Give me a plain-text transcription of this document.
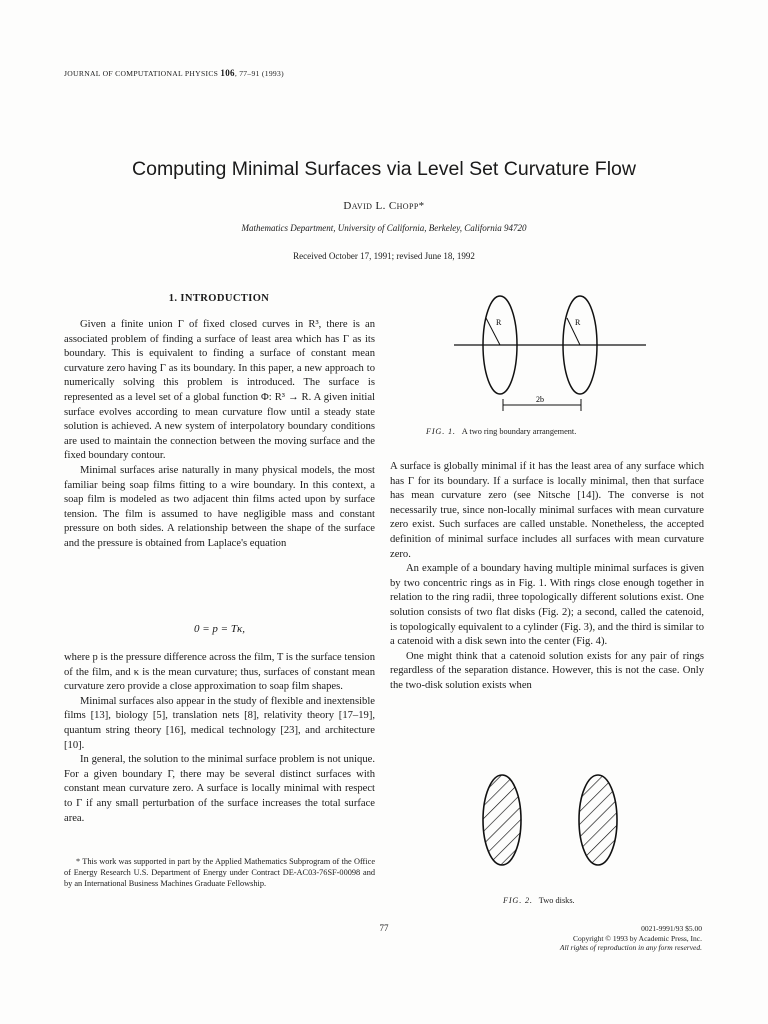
JOURNAL OF COMPUTATIONAL PHYSICS 106, 77–91 (1993)
Computing Minimal Surfaces via Level Set Curvature Flow
David L. Chopp*
Mathematics Department, University of California, Berkeley, California 94720
Received October 17, 1991; revised June 18, 1992
1. INTRODUCTION

Given a finite union Γ of fixed closed curves in R³, there is an associated problem of finding a surface of least area which has Γ as its boundary. This is equivalent to finding a surface of constant mean curvature zero having Γ as its boundary. In this paper, a new approach to numerically solving this problem is introduced. The surface is represented as a level set of a global function Φ: R³ → R. A given initial surface evolves according to mean curvature flow until a steady state solution is achieved. A new system of interpolatory boundary conditions are used to maintain the connection between the moving surface and the fixed boundary contour.

Minimal surfaces arise naturally in many physical models, the most familiar being soap films fitting to a wire boundary. In this context, a soap film is modeled as two adjacent thin films acted upon by surface tension. The film is assumed to have negligible mass and constant pressure on both sides. A relationship between the shape of the surface and the pressure is obtained from Laplace's equation

0 = p = Tκ,

where p is the pressure difference across the film, T is the surface tension of the film, and κ is the mean curvature; thus, surfaces of constant mean curvature zero provide a close approximation to soap film shapes.

Minimal surfaces also appear in the study of flexible and inextensible films [13], biology [5], translation nets [8], relativity theory [17–19], quantum string theory [16], medical technology [23], and architecture [10].

In general, the solution to the minimal surface problem is not unique. For a given boundary Γ, there may be several distinct surfaces with constant mean curvature zero. A surface is locally minimal with respect to Γ if any small perturbation of the surface increases the total surface area.

* This work was supported in part by the Applied Mathematics Subprogram of the Office of Energy Research U.S. Department of Energy under Contract DE-AC03-76SF-00098 and by an International Business Machines Graduate Fellowship.

R	R
2b
FIG. 1. A two ring boundary arrangement.

A surface is globally minimal if it has the least area of any surface which has Γ for its boundary. If a surface is locally minimal, then that surface has mean curvature zero (see Nitsche [14]). The converse is not necessarily true, since non-locally minimal surfaces with mean curvature zero exist. Such surfaces are called unstable. Nonetheless, the accepted definition of minimal surface includes all surfaces with mean curvature zero.

An example of a boundary having multiple minimal surfaces is given by two concentric rings as in Fig. 1. With rings close enough together in relation to the ring radii, three topologically different solutions exist. One solution consists of two flat disks (Fig. 2); a second, called the catenoid, is topologically equivalent to a cylinder (Fig. 3), and the third is similar to a catenoid with a disk sewn into the center (Fig. 4).

One might think that a catenoid solution exists for any pair of rings regardless of the separation distance. However, this is not the case. Only the two-disk solution exists when

FIG. 2. Two disks.
77	0021-9991/93 $5.00
Copyright © 1993 by Academic Press, Inc.
All rights of reproduction in any form reserved.
